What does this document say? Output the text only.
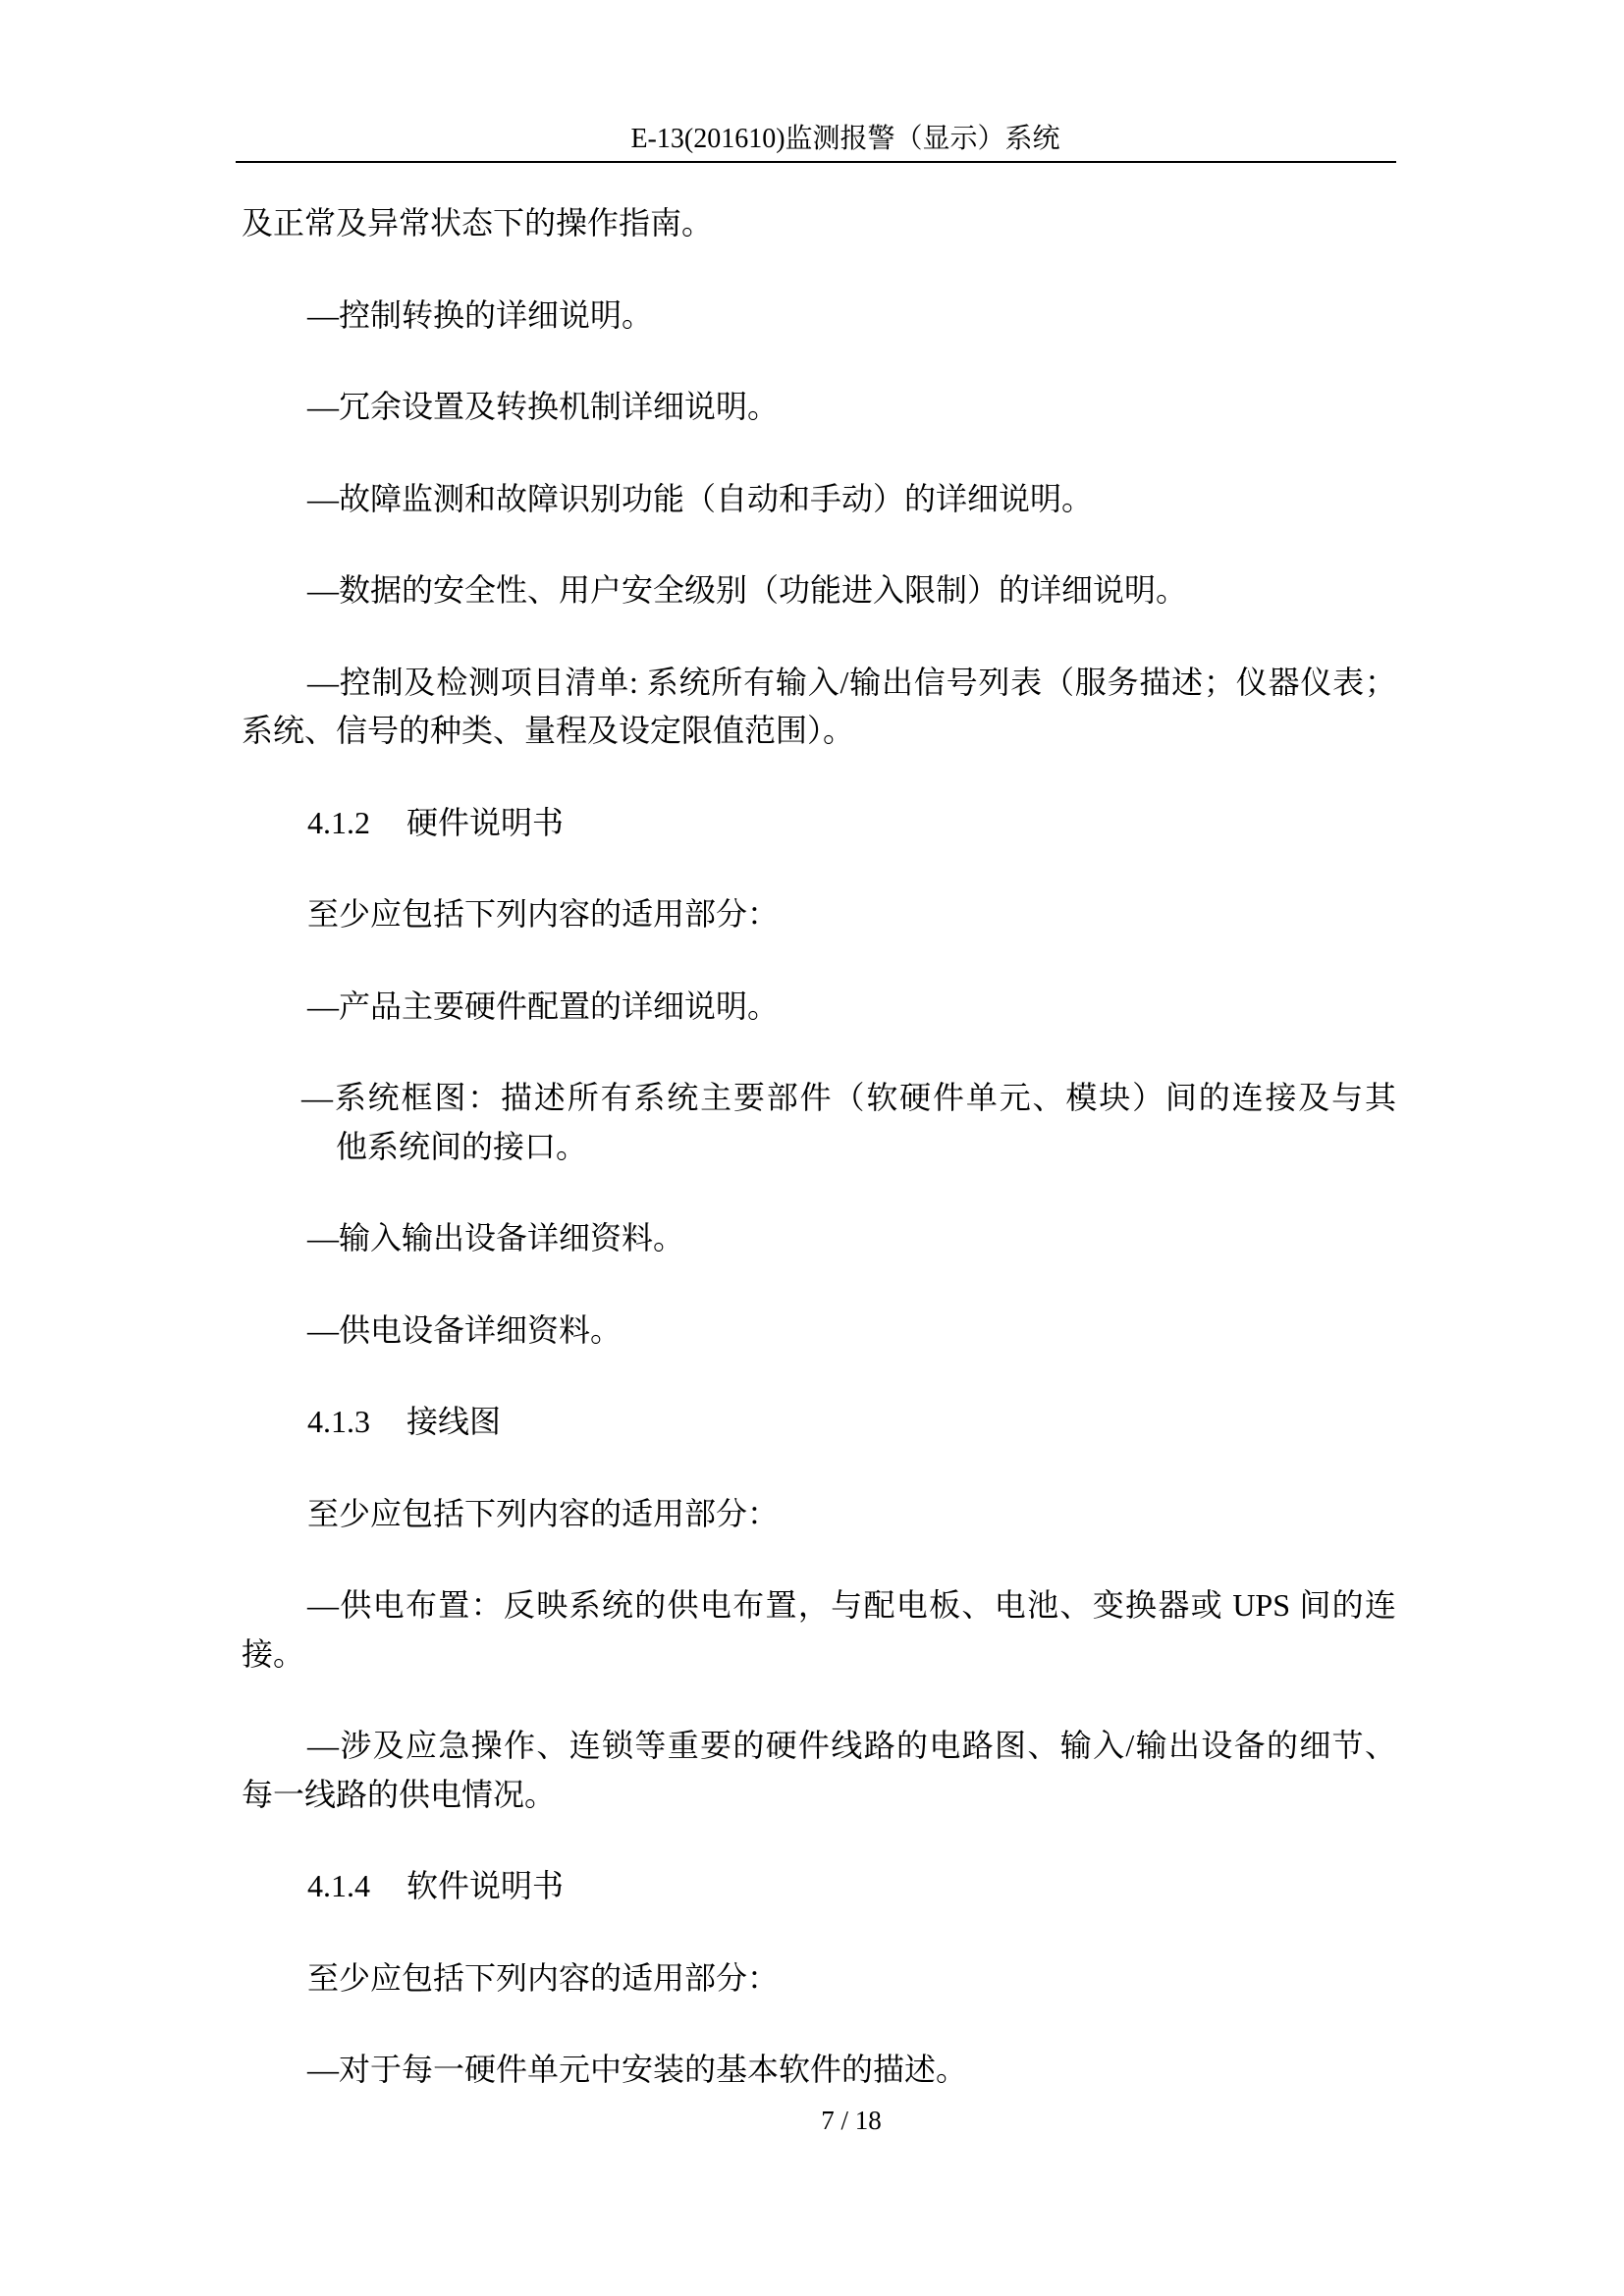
E-13(201610)监测报警（显示）系统

及正常及异常状态下的操作指南。

—控制转换的详细说明。

—冗余设置及转换机制详细说明。

—故障监测和故障识别功能（自动和手动）的详细说明。

—数据的安全性、用户安全级别（功能进入限制）的详细说明。

—控制及检测项目清单: 系统所有输入/输出信号列表（服务描述；仪器仪表；
系统、信号的种类、量程及设定限值范围）。

4.1.2 硬件说明书

至少应包括下列内容的适用部分：

—产品主要硬件配置的详细说明。

—系统框图：描述所有系统主要部件（软硬件单元、模块）间的连接及与其
他系统间的接口。

—输入输出设备详细资料。

—供电设备详细资料。

4.1.3 接线图

至少应包括下列内容的适用部分：

—供电布置：反映系统的供电布置，与配电板、电池、变换器或 UPS 间的连
接。

—涉及应急操作、连锁等重要的硬件线路的电路图、输入/输出设备的细节、
每一线路的供电情况。

4.1.4 软件说明书

至少应包括下列内容的适用部分：

—对于每一硬件单元中安装的基本软件的描述。

7 / 18
